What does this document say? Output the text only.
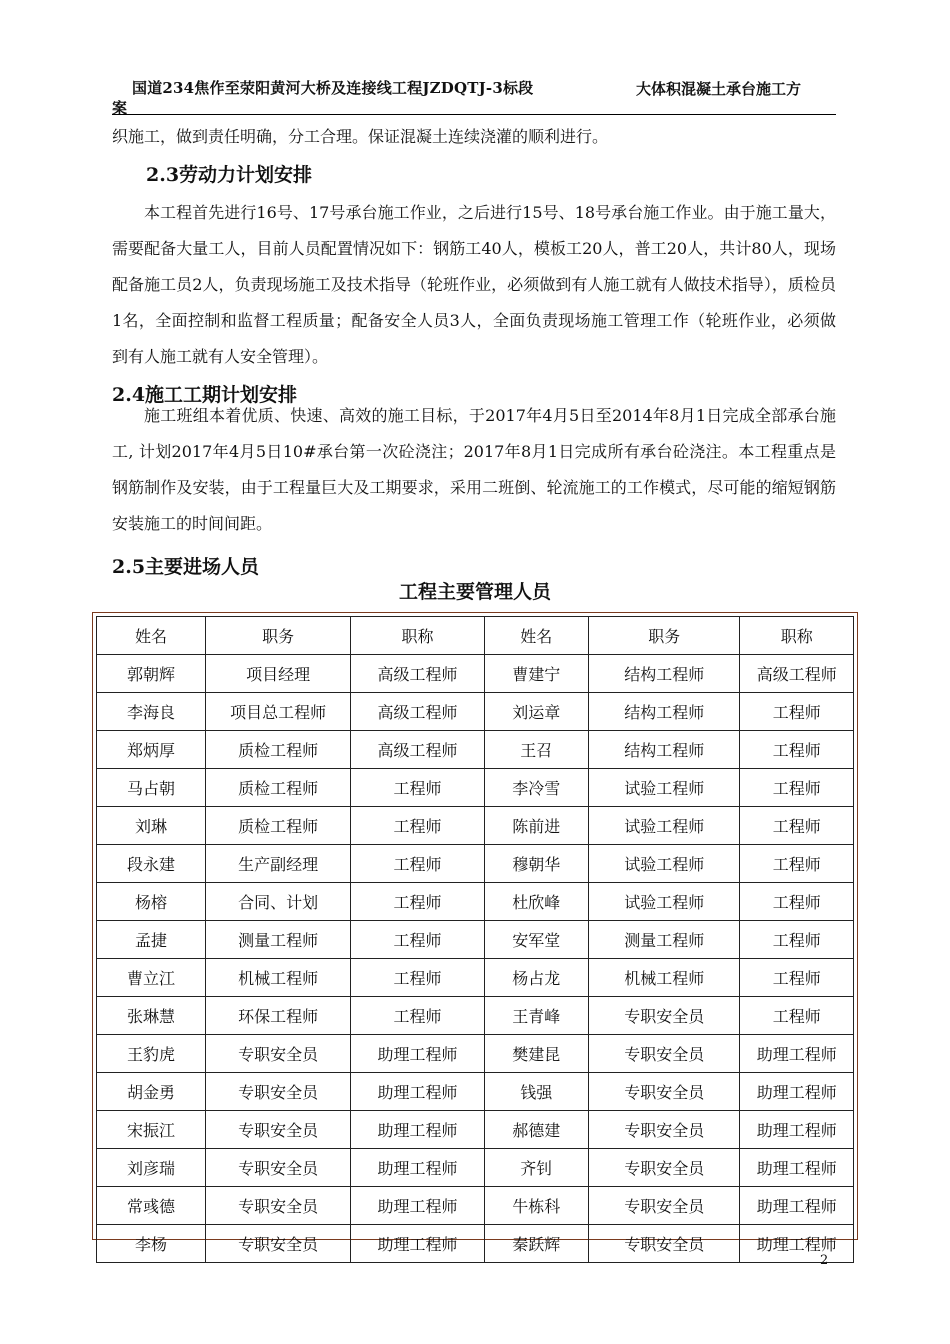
国道234焦作至荥阳黄河大桥及连接线工程JZDQTJ-3标段
案
大体积混凝土承台施工方
织施工，做到责任明确，分工合理。保证混凝土连续浇灌的顺利进行。
2.3劳动力计划安排
本工程首先进行16号、17号承台施工作业，之后进行15号、18号承台施工作业。由于施工量大，需要配备大量工人，目前人员配置情况如下：钢筋工40人，模板工20人，普工20人，共计80人，现场配备施工员2人，负责现场施工及技术指导（轮班作业，必须做到有人施工就有人做技术指导），质检员1名，全面控制和监督工程质量；配备安全人员3人，全面负责现场施工管理工作（轮班作业，必须做到有人施工就有人安全管理）。
2.4施工工期计划安排
施工班组本着优质、快速、高效的施工目标，于2017年4月5日至2014年8月1日完成全部承台施工, 计划2017年4月5日10#承台第一次砼浇注；2017年8月1日完成所有承台砼浇注。本工程重点是钢筋制作及安装，由于工程量巨大及工期要求，采用二班倒、轮流施工的工作模式，尽可能的缩短钢筋安装施工的时间间距。
2.5主要进场人员
工程主要管理人员
姓名	职务	职称	姓名	职务	职称
郭朝辉	项目经理	高级工程师	曹建宁	结构工程师	高级工程师
李海良	项目总工程师	高级工程师	刘运章	结构工程师	工程师
郑炳厚	质检工程师	高级工程师	王召	结构工程师	工程师
马占朝	质检工程师	工程师	李冷雪	试验工程师	工程师
刘琳	质检工程师	工程师	陈前进	试验工程师	工程师
段永建	生产副经理	工程师	穆朝华	试验工程师	工程师
杨榕	合同、计划	工程师	杜欣峰	试验工程师	工程师
孟捷	测量工程师	工程师	安军堂	测量工程师	工程师
曹立江	机械工程师	工程师	杨占龙	机械工程师	工程师
张琳慧	环保工程师	工程师	王青峰	专职安全员	工程师
王豹虎	专职安全员	助理工程师	樊建昆	专职安全员	助理工程师
胡金勇	专职安全员	助理工程师	钱强	专职安全员	助理工程师
宋振江	专职安全员	助理工程师	郝德建	专职安全员	助理工程师
刘彦瑞	专职安全员	助理工程师	齐钊	专职安全员	助理工程师
常彧德	专职安全员	助理工程师	牛栋科	专职安全员	助理工程师
李杨	专职安全员	助理工程师	秦跃辉	专职安全员	助理工程师
2
